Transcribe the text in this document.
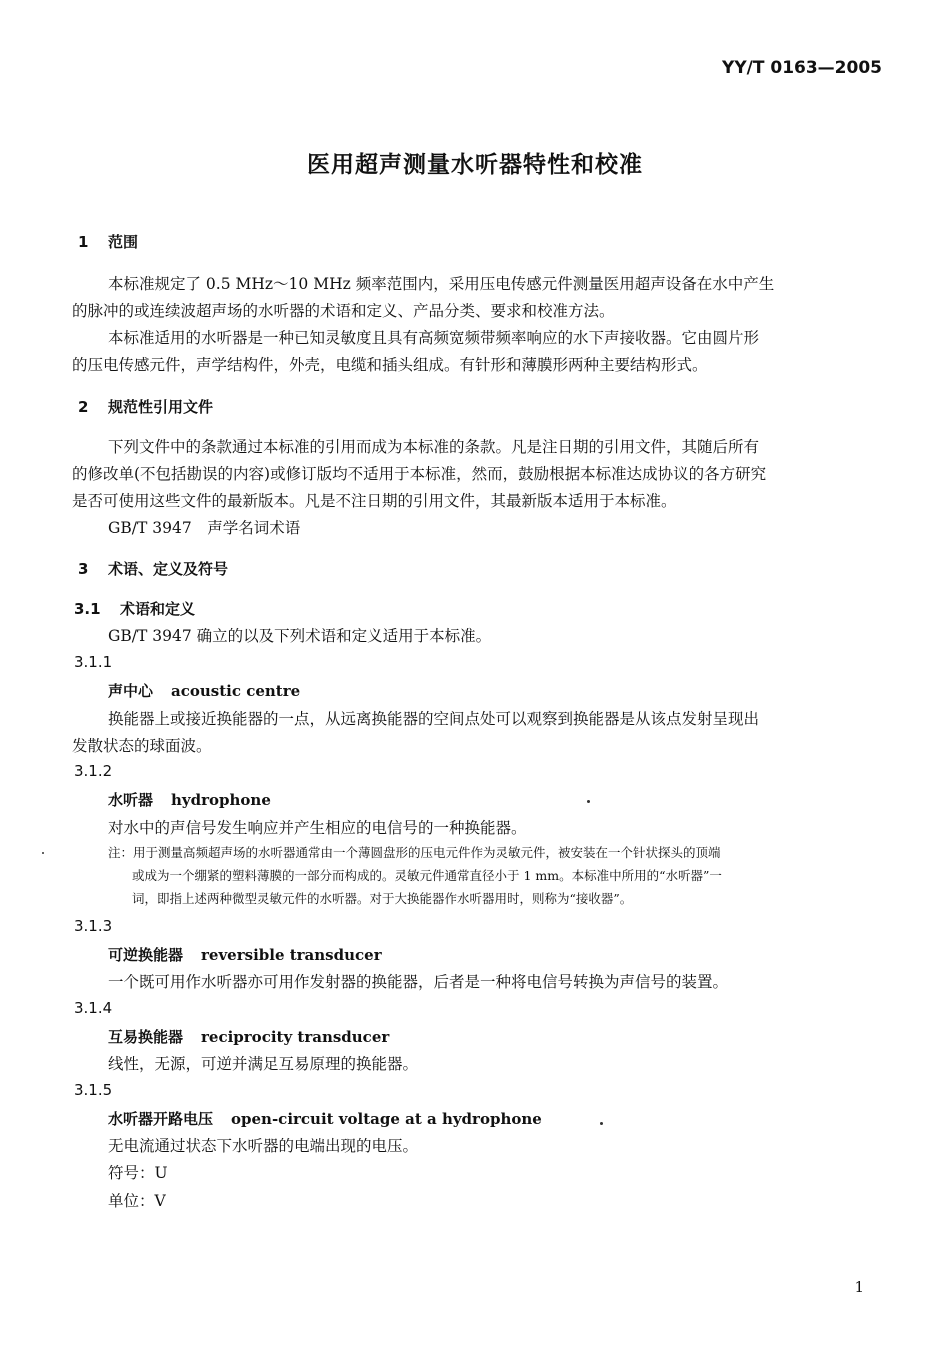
YY/T 0163—2005
医用超声测量水听器特性和校准
1 范围
本标准规定了 0.5 MHz～10 MHz 频率范围内，采用压电传感元件测量医用超声设备在水中产生
的脉冲的或连续波超声场的水听器的术语和定义、产品分类、要求和校准方法。
本标准适用的水听器是一种已知灵敏度且具有高频宽频带频率响应的水下声接收器。它由圆片形
的压电传感元件，声学结构件，外壳，电缆和插头组成。有针形和薄膜形两种主要结构形式。
2 规范性引用文件
下列文件中的条款通过本标准的引用而成为本标准的条款。凡是注日期的引用文件，其随后所有
的修改单(不包括勘误的内容)或修订版均不适用于本标准，然而，鼓励根据本标准达成协议的各方研究
是否可使用这些文件的最新版本。凡是不注日期的引用文件，其最新版本适用于本标准。
GB/T 3947　声学名词术语
3 术语、定义及符号
3.1 术语和定义
GB/T 3947 确立的以及下列术语和定义适用于本标准。
3.1.1
声中心 acoustic centre
换能器上或接近换能器的一点，从远离换能器的空间点处可以观察到换能器是从该点发射呈现出
发散状态的球面波。
3.1.2
水听器 hydrophone
对水中的声信号发生响应并产生相应的电信号的一种换能器。
注：用于测量高频超声场的水听器通常由一个薄圆盘形的压电元件作为灵敏元件，被安装在一个针状探头的顶端
或成为一个绷紧的塑料薄膜的一部分而构成的。灵敏元件通常直径小于 1 mm。本标准中所用的“水听器”一
词，即指上述两种微型灵敏元件的水听器。对于大换能器作水听器用时，则称为“接收器”。
3.1.3
可逆换能器 reversible transducer
一个既可用作水听器亦可用作发射器的换能器，后者是一种将电信号转换为声信号的装置。
3.1.4
互易换能器 reciprocity transducer
线性，无源，可逆并满足互易原理的换能器。
3.1.5
水听器开路电压 open-circuit voltage at a hydrophone
无电流通过状态下水听器的电端出现的电压。
符号：U
单位：V
1
